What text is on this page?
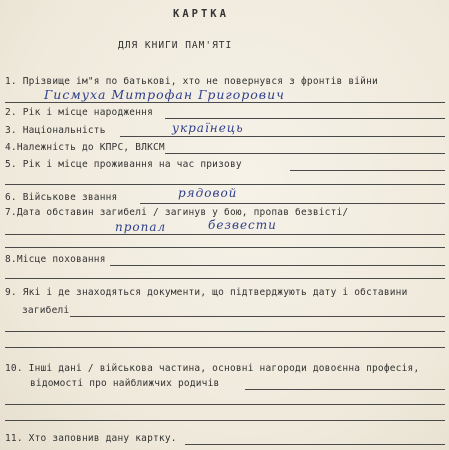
КАРТКА
ДЛЯ КНИГИ ПАМ'ЯТІ
1. Прізвище ім"я по батькові, хто не повернувся з фронтів війни
Гисмуха Митрофан Григорович
2. Рік і місце народження
3. Національність	українець
4.Належність до КПРС, ВЛКСМ
5. Рік і місце проживання на час призову
6. Військове звання	рядовой
7.Дата обставин загибелі / загинув у бою, пропав безвісті/
пропал	безвести
8.Місце поховання
9. Які і де знаходяться документи, що підтверджують дату і обставини
загибелі
10. Інші дані / військова частина, основні нагороди довоєнна професія,
відомості про найближчих родичів
11. Хто заповнив дану картку.
